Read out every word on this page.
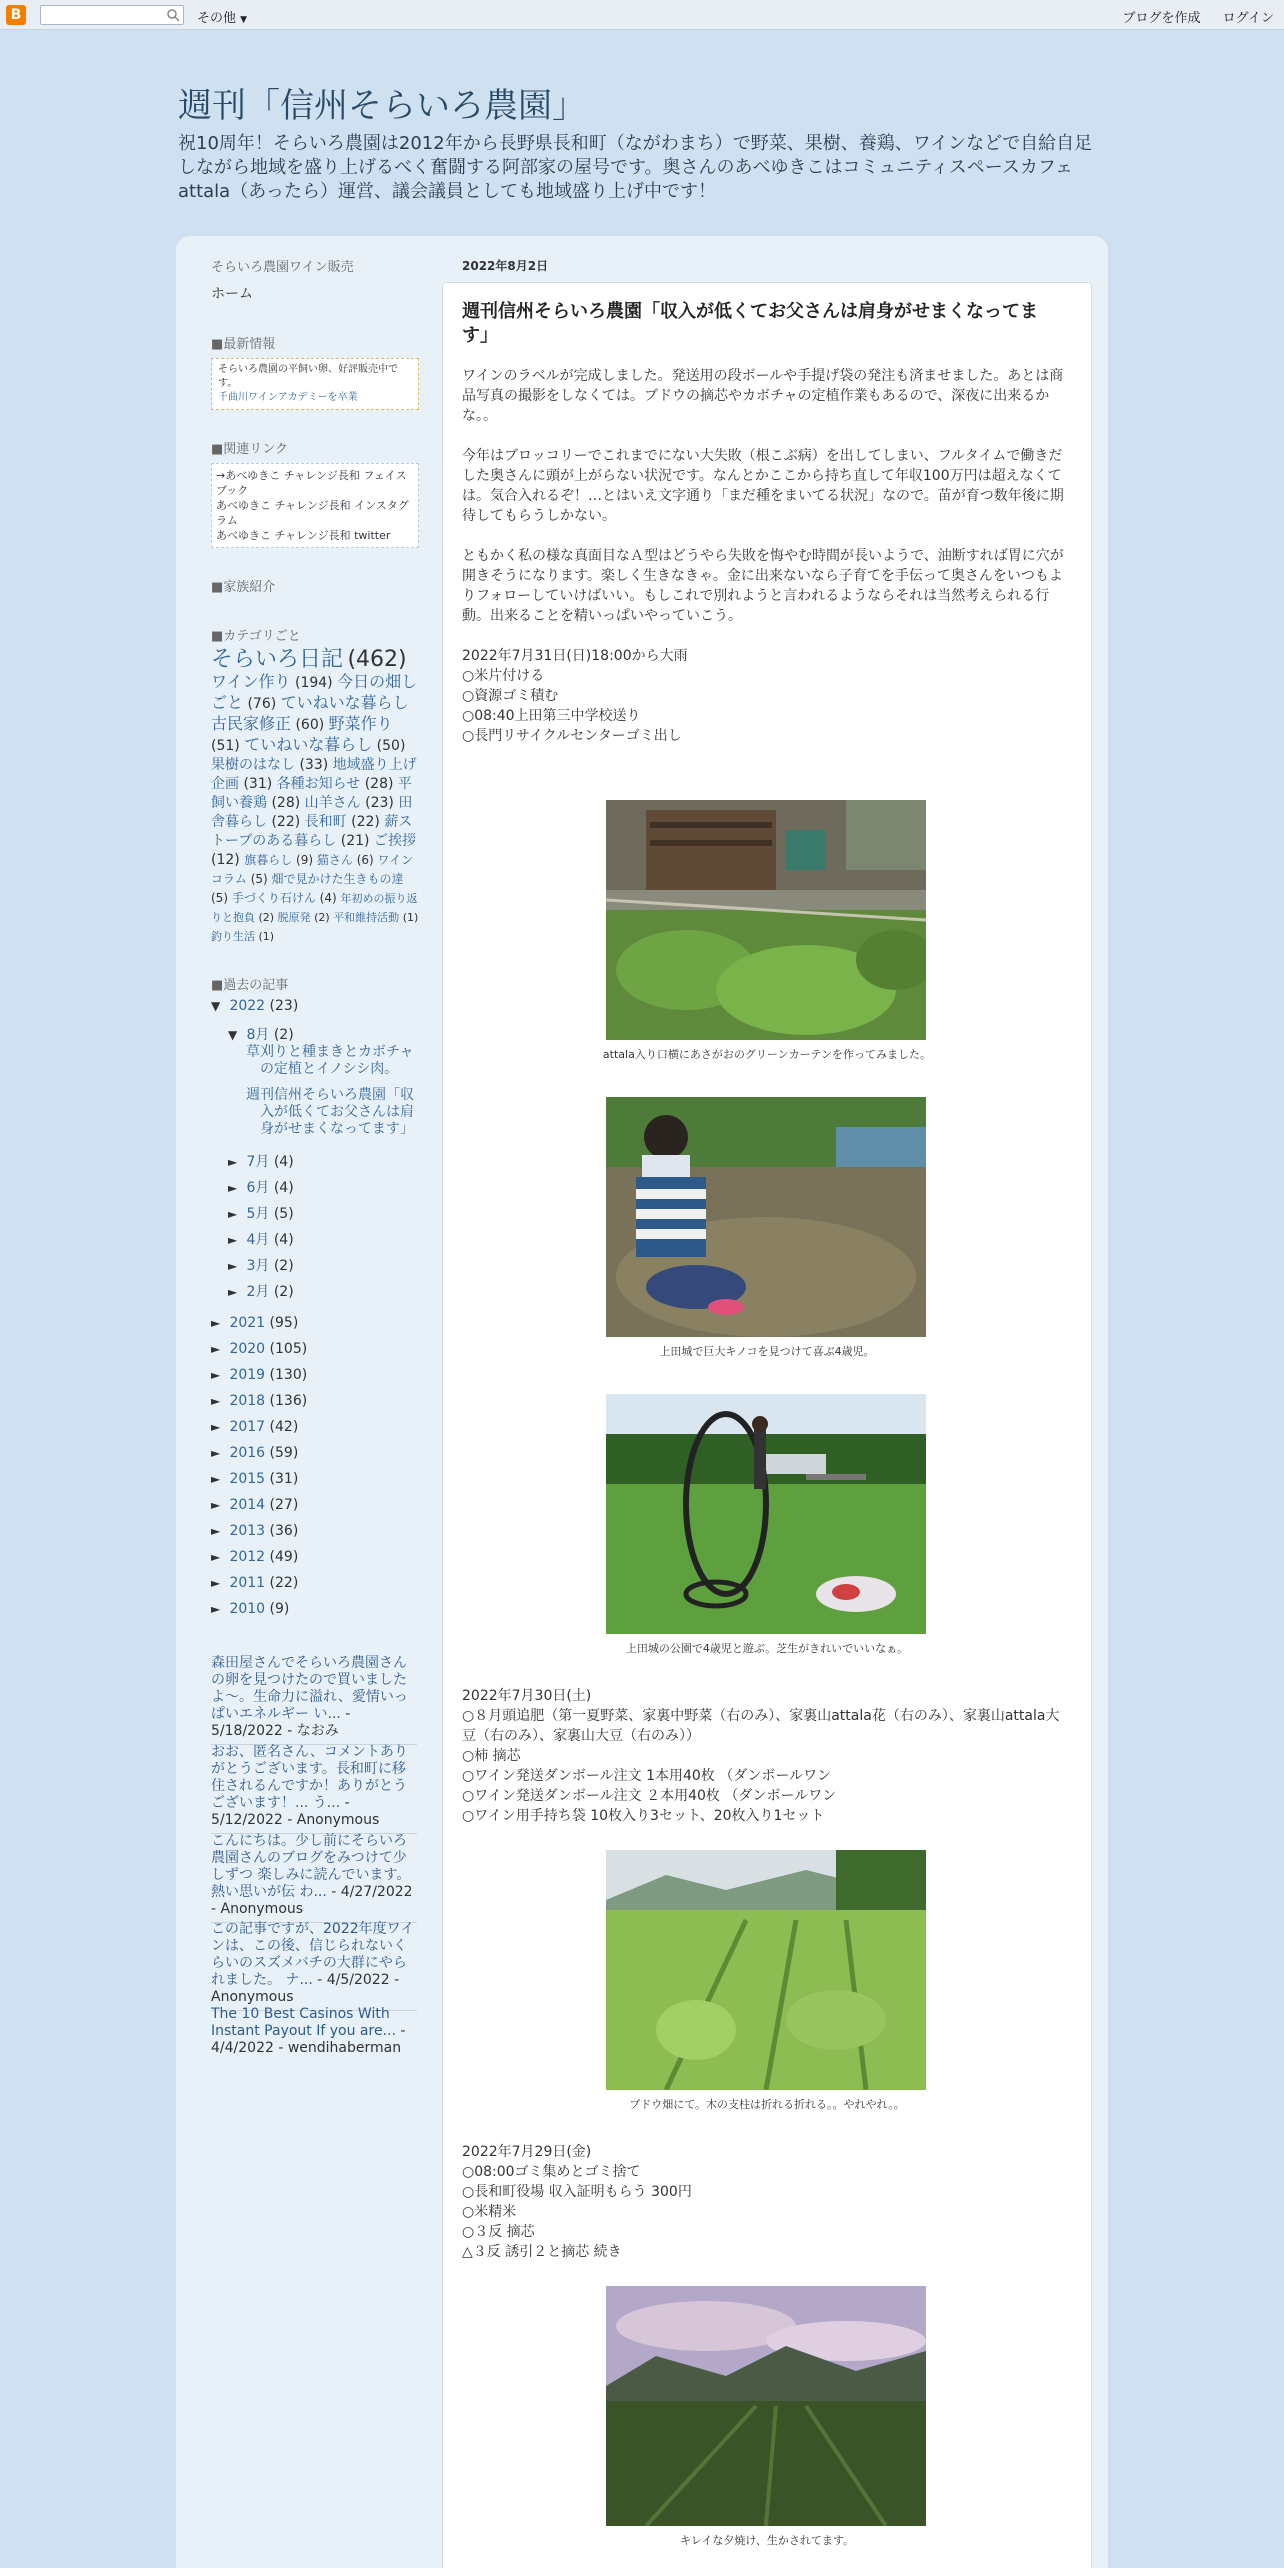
B	その他 ▼	ブログを作成 ログイン
週刊「信州そらいろ農園」
祝10周年！そらいろ農園は2012年から長野県長和町（ながわまち）で野菜、果樹、養鶏、ワインなどで自給自足しながら地域を盛り上げるべく奮闘する阿部家の屋号です。奥さんのあべゆきこはコミュニティスペースカフェattala（あったら）運営、議会議員としても地域盛り上げ中です！
そらいろ農園ワイン販売
ホーム
■最新情報
そらいろ農園の平飼い卵、好評販売中です。
千曲川ワインアカデミーを卒業
■関連リンク
→あべゆきこ チャレンジ長和 フェイスブック
あべゆきこ チャレンジ長和 インスタグラム
あべゆきこ チャレンジ長和 twitter
■家族紹介
■カテゴリごと
そらいろ日記 (462) ワイン作り (194) 今日の畑しごと (76) ていねいな暮らし 古民家修正 (60) 野菜作り (51) ていねいな暮らし (50) 果樹のはなし (33) 地域盛り上げ企画 (31) 各種お知らせ (28) 平飼い養鶏 (28) 山羊さん (23) 田舎暮らし (22) 長和町 (22) 薪ストーブのある暮らし (21) ご挨拶 (12) 旗暮らし (9) 猫さん (6) ワインコラム (5) 畑で見かけた生きもの達 (5) 手づくり石けん (4) 年初めの振り返りと抱負 (2) 脱原発 (2) 平和維持活動 (1) 釣り生活 (1)
■過去の記事
▼ 2022 (23)
▼ 8月 (2)
草刈りと種まきとカボチャの定植とイノシシ肉。
週刊信州そらいろ農園「収入が低くてお父さんは肩身がせまくなってます」
► 7月 (4)
► 6月 (4)
► 5月 (5)
► 4月 (4)
► 3月 (2)
► 2月 (2)
► 2021 (95)
► 2020 (105)
► 2019 (130)
► 2018 (136)
► 2017 (42)
► 2016 (59)
► 2015 (31)
► 2014 (27)
► 2013 (36)
► 2012 (49)
► 2011 (22)
► 2010 (9)
森田屋さんでそらいろ農園さんの卵を見つけたので買いましたよ～。生命力に溢れ、愛情いっぱいエネルギー い... - 5/18/2022 - なおみ
おお、匿名さん、コメントありがとうございます。長和町に移住されるんですか！ありがとうございます！... う... - 5/12/2022 - Anonymous
こんにちは。少し前にそらいろ農園さんのブログをみつけて少しずつ 楽しみに読んでいます。熱い思いが伝 わ... - 4/27/2022 - Anonymous
この記事ですが、2022年度ワインは、この後、信じられないくらいのスズメバチの大群にやられました。 ナ... - 4/5/2022 - Anonymous
The 10 Best Casinos With Instant Payout If you are... - 4/4/2022 - wendihaberman
2022年8月2日
週刊信州そらいろ農園「収入が低くてお父さんは肩身がせまくなってます」
ワインのラベルが完成しました。発送用の段ボールや手提げ袋の発注も済ませました。あとは商品写真の撮影をしなくては。ブドウの摘芯やカボチャの定植作業もあるので、深夜に出来るかな。。
今年はブロッコリーでこれまでにない大失敗（根こぶ病）を出してしまい、フルタイムで働きだした奥さんに頭が上がらない状況です。なんとかここから持ち直して年収100万円は超えなくては。気合入れるぞ！…とはいえ文字通り「まだ種をまいてる状況」なので。苗が育つ数年後に期待してもらうしかない。
ともかく私の様な真面目なＡ型はどうやら失敗を悔やむ時間が長いようで、油断すれば胃に穴が開きそうになります。楽しく生きなきゃ。金に出来ないなら子育てを手伝って奥さんをいつもよりフォローしていけばいい。もしこれで別れようと言われるようならそれは当然考えられる行動。出来ることを精いっぱいやっていこう。
2022年7月31日(日)18:00から大雨
○米片付ける
○資源ゴミ積む
○08:40上田第三中学校送り
○長門リサイクルセンターゴミ出し
attala入り口横にあさがおのグリーンカーテンを作ってみました。
上田城で巨大キノコを見つけて喜ぶ4歳児。
上田城の公園で4歳児と遊ぶ。芝生がきれいでいいなぁ。
2022年7月30日(土)
○８月頭追肥（第一夏野菜、家裏中野菜（右のみ）、家裏山attala花（右のみ）、家裏山attala大豆（右のみ）、家裏山大豆（右のみ））
○柿 摘芯
○ワイン発送ダンボール注文 1本用40枚 （ダンボールワン
○ワイン発送ダンボール注文 ２本用40枚 （ダンボールワン
○ワイン用手持ち袋 10枚入り3セット、20枚入り1セット
ブドウ畑にて。木の支柱は折れる折れる。。やれやれ。。
2022年7月29日(金)
○08:00ゴミ集めとゴミ捨て
○長和町役場 収入証明もらう 300円
○米精米
○３反 摘芯
△３反 誘引２と摘芯 続き
キレイな夕焼け、生かされてます。
